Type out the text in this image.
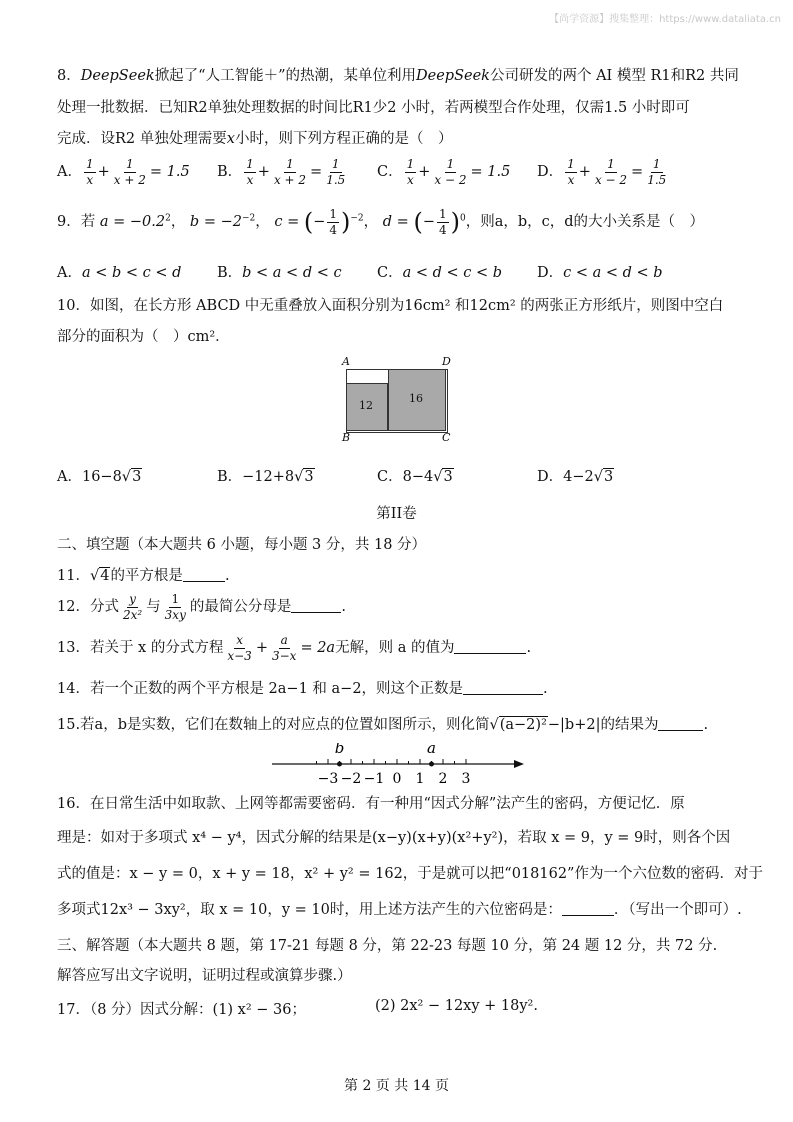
【尚学资源】搜集整理：https://www.dataliata.cn
8．DeepSeek掀起了“人工智能＋”的热潮，某单位利用DeepSeek公司研发的两个 AI 模型 R1和R2 共同
处理一批数据．已知R2单独处理数据的时间比R1少2 小时，若两模型合作处理，仅需1.5 小时即可
完成．设R2 单独处理需要x小时，则下列方程正确的是（　）
A． $\frac{1}{x} + \frac{1}{x + 2} = 1.5$ B． $\frac{1}{x} + \frac{1}{x + 2} = \frac{1}{1.5}$ C． $\frac{1}{x} + \frac{1}{x - 2} = 1.5$ D． $\frac{1}{x} + \frac{1}{x - 2} = \frac{1}{1.5}$
9．若 $a = -0.2^2$， $b = -2^{-2}$， c = (− $\frac{1}{4} )^{-2}$， d = (− $\frac{1}{4} )^0$，则a，b，c，d的大小关系是（　）
A．a < b < c < d B．b < a < d < c C．a < d < c < b D．c < a < d < b
10．如图，在长方形 ABCD 中无重叠放入面积分别为16cm² 和12cm² 的两张正方形纸片，则图中空白
部分的面积为（　）cm²．
12
16
A	D
B	C
A．16−8√3	B．−12+8√3	C．8−4√3	D．4−2√3
第II卷
二、填空题（本大题共 6 小题，每小题 3 分，共 18 分）
11．√4的平方根是	.
12．分式 $\frac{y}{\text{2x²}}$ 与 $\frac{1}{3xy}$ 的最简公分母是	.
13．若关于 x 的分式方程 $\frac{x}{x-3} + \frac{a}{3-x} = 2a$无解，则 a 的值为	.
14．若一个正数的两个平方根是 2a−1 和 a−2，则这个正数是	.
15.若a，b是实数，它们在数轴上的对应点的位置如图所示，则化简√(a−2)²−|b+2|的结果为	.
−3 −2 −1 0 1 2 3
b	a
16．在日常生活中如取款、上网等都需要密码．有一种用“因式分解”法产生的密码，方便记忆．原
理是：如对于多项式 x⁴ − y⁴，因式分解的结果是(x−y)(x+y)(x²+y²)，若取 x = 9，y = 9时，则各个因
式的值是：x − y = 0，x + y = 18，x² + y² = 162，于是就可以把“018162”作为一个六位数的密码．对于
多项式12x³ − 3xy²，取 x = 10，y = 10时，用上述方法产生的六位密码是：	．（写出一个即可）.
三、解答题（本大题共 8 题，第 17-21 每题 8 分，第 22-23 每题 10 分，第 24 题 12 分，共 72 分.
解答应写出文字说明，证明过程或演算步骤.）
17．（8 分）因式分解：(1) x² − 36；	(2) 2x² − 12xy + 18y².
第 2 页 共 14 页
